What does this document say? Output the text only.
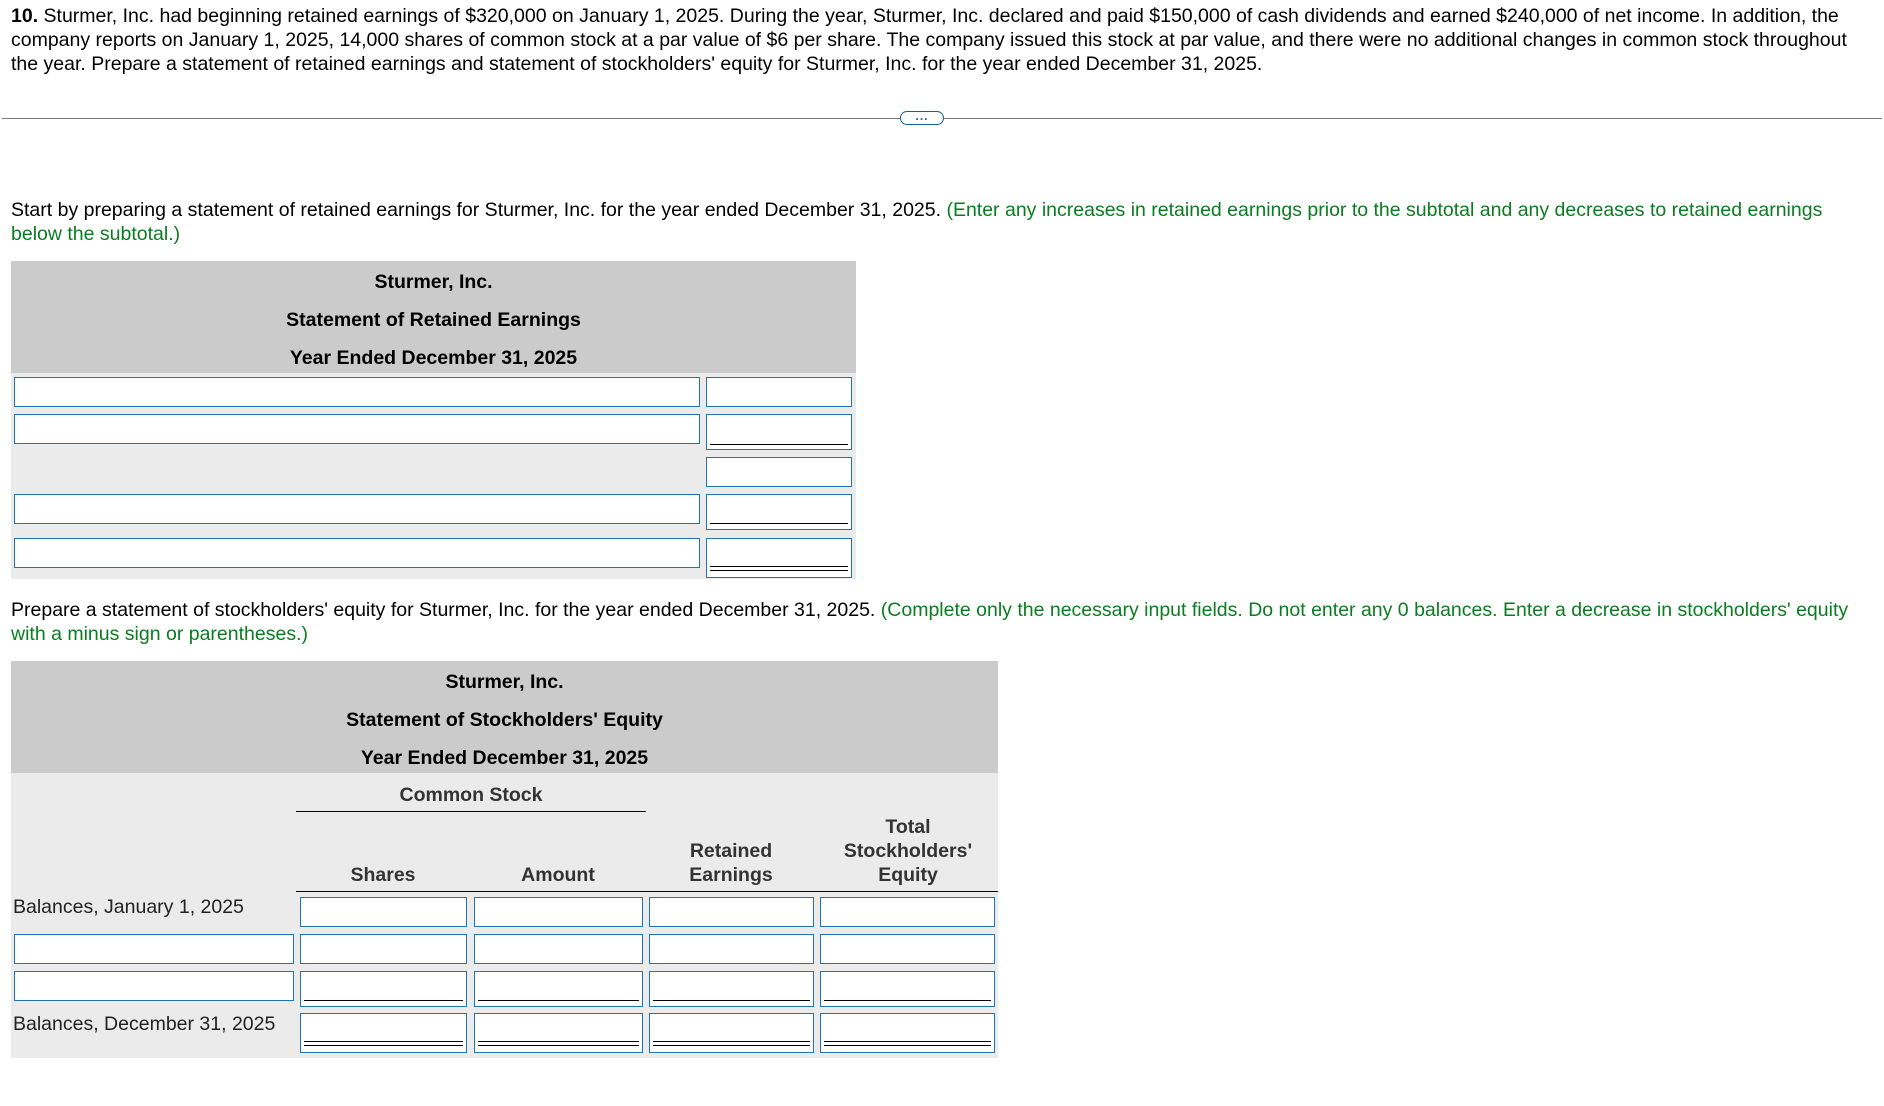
10. Sturmer, Inc. had beginning retained earnings of $320,000 on January 1, 2025. During the year, Sturmer, Inc. declared and paid $150,000 of cash dividends and earned $240,000 of net income. In addition, the company reports on January 1, 2025, 14,000 shares of common stock at a par value of $6 per share. The company issued this stock at par value, and there were no additional changes in common stock throughout the year. Prepare a statement of retained earnings and statement of stockholders' equity for Sturmer, Inc. for the year ended December 31, 2025.
...
Start by preparing a statement of retained earnings for Sturmer, Inc. for the year ended December 31, 2025. (Enter any increases in retained earnings prior to the subtotal and any decreases to retained earnings below the subtotal.)
Sturmer, Inc.
Statement of Retained Earnings
Year Ended December 31, 2025
Prepare a statement of stockholders' equity for Sturmer, Inc. for the year ended December 31, 2025. (Complete only the necessary input fields. Do not enter any 0 balances. Enter a decrease in stockholders' equity with a minus sign or parentheses.)
Sturmer, Inc.
Statement of Stockholders' Equity
Year Ended December 31, 2025
Common Stock
Shares	Amount
Retained
Earnings
Total
Stockholders'
Equity
Balances, January 1, 2025
Balances, December 31, 2025
